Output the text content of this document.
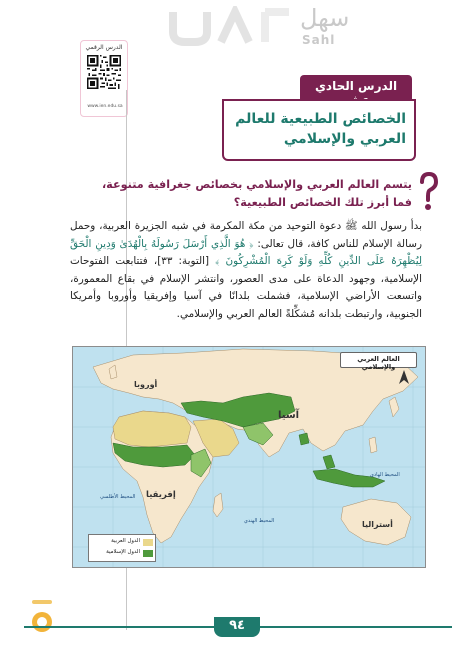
سهل
Sahl
الدرس الرقمي
www.ien.edu.sa
الدرس الحادي
الخصائص الطبيعية للعالم
العربي والإسلامي
يتسم العالم العربي والإسلامي بخصائص جغرافية متنوعة، فما أبرز تلك الخصائص الطبيعية؟

بدأ رسول الله ﷺ دعوة التوحيد من مكة المكرمة في شبه الجزيرة العربية، وحمل رسالة الإسلام للناس كافة، قال تعالى: ﴿ هُوَ الَّذِي أَرْسَلَ رَسُولَهُ بِالْهُدَىٰ وَدِينِ الْحَقِّ لِيُظْهِرَهُ عَلَى الدِّينِ كُلِّهِ وَلَوْ كَرِهَ الْمُشْرِكُونَ ﴾ [التوبة: ٣٣]، فتتابعت الفتوحات الإسلامية، وجهود الدعاة على مدى العصور، وانتشر الإسلام في بقاع المعمورة، واتسعت الأراضي الإسلامية، فشملت بلدانًا في آسيا وإفريقيا وأوروبا وأمريكا الجنوبية، وارتبطت بلدانه مُشكِّلةً العالم العربي والإسلامي.

أوروبا
آسيا
إفريقيا
أستراليا
المحيط الأطلسي
المحيط الهندي
المحيط الهادي
العالم العربي والإسلامي
الدول العربية
الدول الإسلامية
٩٤
